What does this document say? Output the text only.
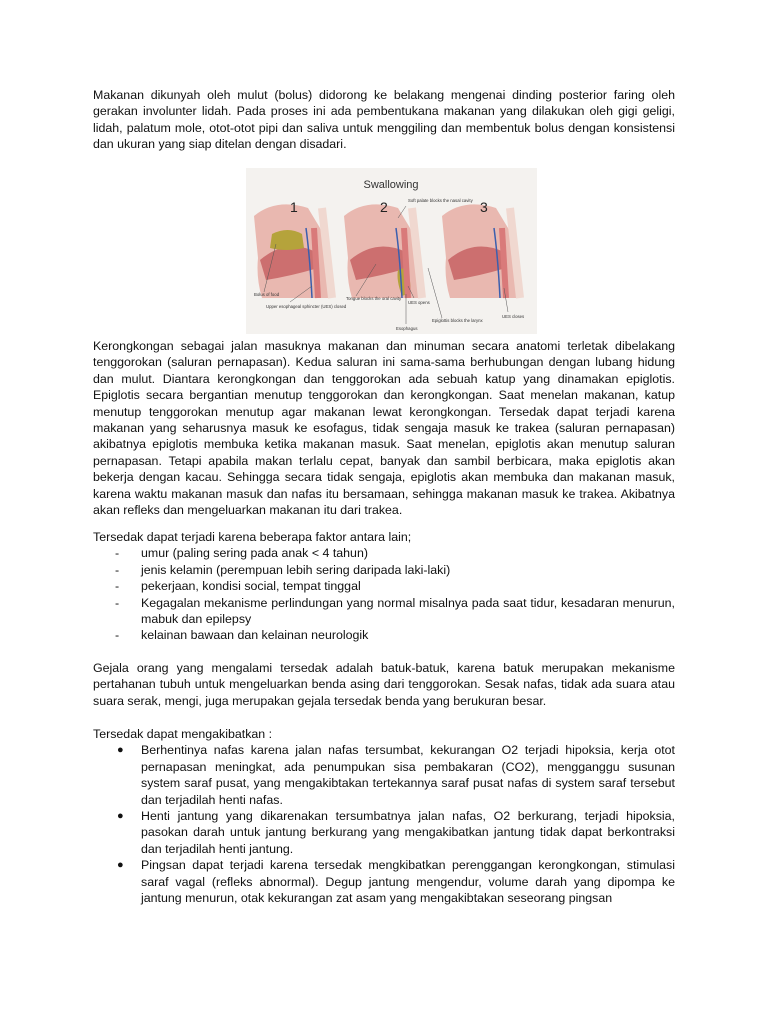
Makanan dikunyah oleh mulut (bolus) didorong ke belakang mengenai dinding posterior faring oleh gerakan involunter lidah. Pada proses ini ada pembentukana makanan yang dilakukan oleh gigi geligi, lidah, palatum mole, otot-otot pipi dan saliva untuk menggiling dan membentuk bolus dengan konsistensi dan ukuran yang siap ditelan dengan disadari.

Swallowing
1	2	3
Bolus of food
Upper esophageal sphincter (UES) closed
Soft palate blocks the nasal cavity
Tongue blocks the oral cavity
UES opens
Esophagus
Epiglottis blocks the larynx
UES closes

Kerongkongan sebagai jalan masuknya makanan dan minuman secara anatomi terletak dibelakang tenggorokan (saluran pernapasan). Kedua saluran ini sama-sama berhubungan dengan lubang hidung dan mulut. Diantara kerongkongan dan tenggorokan ada sebuah katup yang dinamakan epiglotis. Epiglotis secara bergantian menutup tenggorokan dan kerongkongan. Saat menelan makanan, katup menutup tenggorokan menutup agar makanan lewat kerongkongan. Tersedak dapat terjadi karena makanan yang seharusnya masuk ke esofagus, tidak sengaja masuk ke trakea (saluran pernapasan) akibatnya epiglotis membuka ketika makanan masuk. Saat menelan, epiglotis akan menutup saluran pernapasan. Tetapi apabila makan terlalu cepat, banyak dan sambil berbicara, maka epiglotis akan bekerja dengan kacau. Sehingga secara tidak sengaja, epiglotis akan membuka dan makanan masuk, karena waktu makanan masuk dan nafas itu bersamaan, sehingga makanan masuk ke trakea. Akibatnya akan refleks dan mengeluarkan makanan itu dari trakea.

Tersedak dapat terjadi karena beberapa faktor antara lain;

-	umur (paling sering pada anak < 4 tahun)
-	jenis kelamin (perempuan lebih sering daripada laki-laki)
-	pekerjaan, kondisi social, tempat tinggal
-	Kegagalan mekanisme perlindungan yang normal misalnya pada saat tidur, kesadaran menurun, mabuk dan epilepsy
-	kelainan bawaan dan kelainan neurologik

Gejala orang yang mengalami tersedak adalah batuk-batuk, karena batuk merupakan mekanisme pertahanan tubuh untuk mengeluarkan benda asing dari tenggorokan. Sesak nafas, tidak ada suara atau suara serak, mengi, juga merupakan gejala tersedak benda yang berukuran besar.

Tersedak dapat mengakibatkan :

●	Berhentinya nafas karena jalan nafas tersumbat, kekurangan O2 terjadi hipoksia, kerja otot pernapasan meningkat, ada penumpukan sisa pembakaran (CO2), mengganggu susunan system saraf pusat, yang mengakibtakan tertekannya saraf pusat nafas di system saraf tersebut dan terjadilah henti nafas.
●	Henti jantung yang dikarenakan tersumbatnya jalan nafas, O2 berkurang, terjadi hipoksia, pasokan darah untuk jantung berkurang yang mengakibatkan jantung tidak dapat berkontraksi dan terjadilah henti jantung.
●	Pingsan dapat terjadi karena tersedak mengkibatkan perenggangan kerongkongan, stimulasi saraf vagal (refleks abnormal). Degup jantung mengendur, volume darah yang dipompa ke jantung menurun, otak kekurangan zat asam yang mengakibtakan seseorang pingsan
